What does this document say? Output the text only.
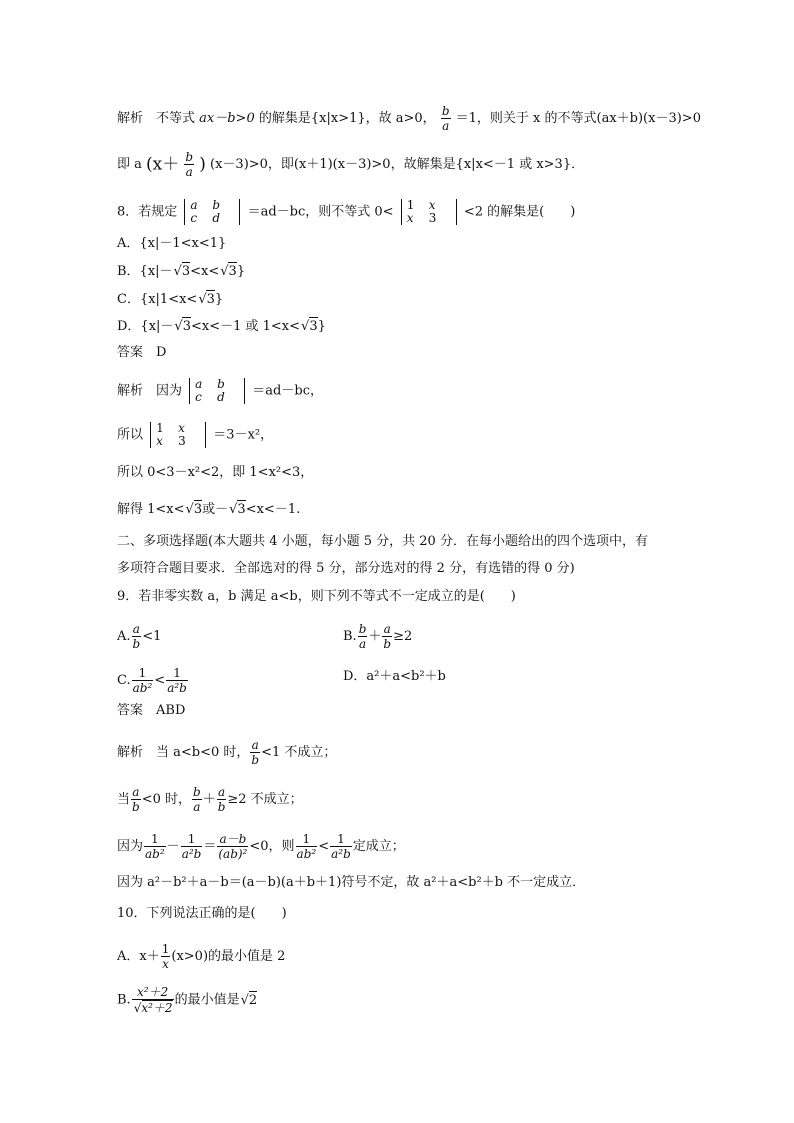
解析　不等式 ax－b>0 的解集是{x|x>1}，故 a>0， $\frac{b}{a} =1$，则关于 x 的不等式(ax＋b)(x－3)>0
即 a ($x+ \frac{b}{a}$ ) (x－3)>0，即(x＋1)(x－3)>0，故解集是{x|x<－1 或 x>3}．
8．若规定 a b
c d ＝ad－bc，则不等式 0< 1 x
x 3 <2 的解集是(　　)
A．{x|－1<x<1}
B．{x|－ √ 3<x< √ 3}
C．{x|1<x< √ 3}
D．{x|－ √ 3<x<－1 或 1<x< √ 3}
答案　D
解析　因为 a b
c d ＝ad－bc，
所以 1 x
x 3 ＝3－x²，
所以 0<3－x²<2，即 1<x²<3，
解得 1<x< √ 3或－ √ 3<x<－1.
二、多项选择题(本大题共 4 小题，每小题 5 分，共 20 分．在每小题给出的四个选项中，有
多项符合题目要求．全部选对的得 5 分，部分选对的得 2 分，有选错的得 0 分)
9．若非零实数 a，b 满足 a<b，则下列不等式不一定成立的是(　　)
A. $\frac{a}{b} <1$	B. $\frac{b}{a} + \frac{a}{b} \ge 2$
C. $\frac{1}{\text{ab²}} < \frac{1}{\text{a²b}}$	D．a²＋a<b²＋b
答案　ABD
解析　当 a<b<0 时， $\frac{a}{b} <1$ 不成立；
当 $\frac{a}{b} <0$ 时， $\frac{b}{a} + \frac{a}{b} \ge 2$ 不成立；
因为 $\frac{1}{\text{ab²}} - \frac{1}{\text{a²b}} = \frac{a-b}{\text{(ab)²}} <0$，则 $\frac{1}{\text{ab²}} < \frac{1}{\text{a²b}}$ 定成立；
因为 a²－b²＋a－b＝(a－b)(a＋b＋1)符号不定，故 a²＋a<b²＋b 不一定成立．
10．下列说法正确的是(　　)
A．$x+ \frac{1}{x} (x>0)$的最小值是 2
B. x²＋2
√ x²＋2 的最小值是 √ 2
